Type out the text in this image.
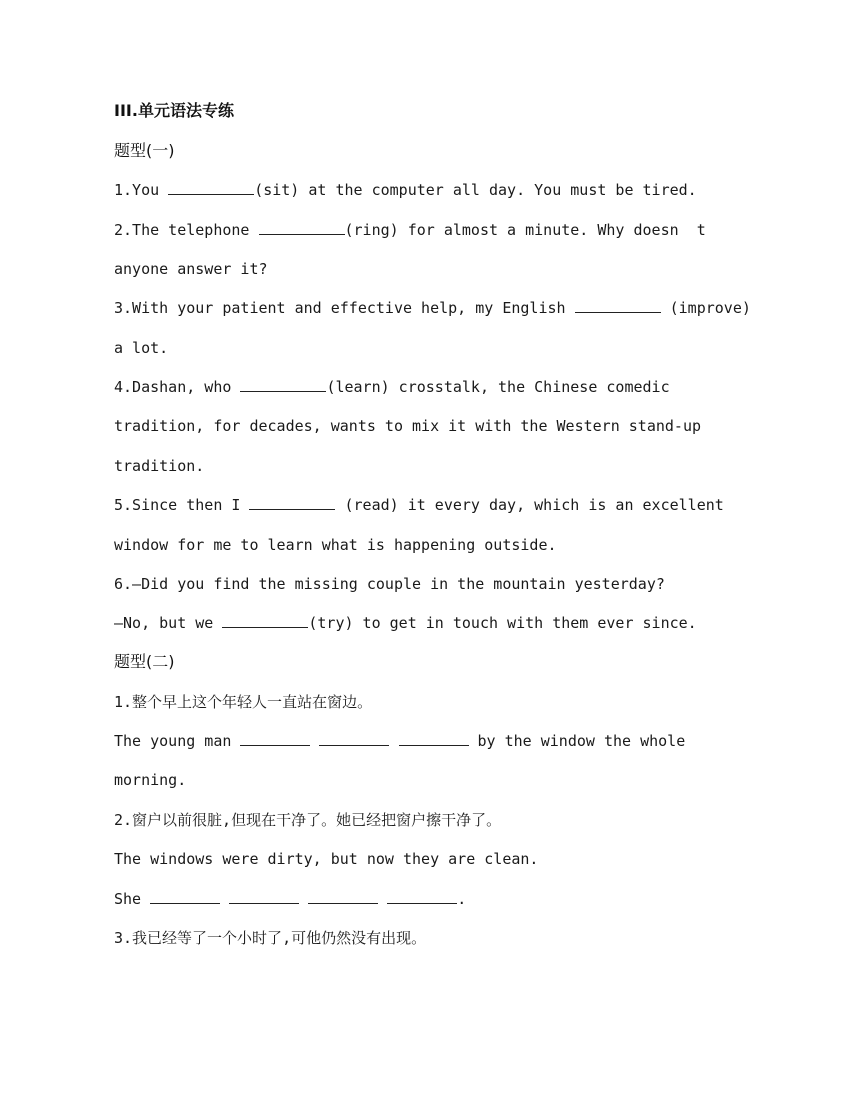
III.单元语法专练
题型(一)
1.You	(sit) at the computer all day. You must be tired.
2.The telephone	(ring) for almost a minute. Why doesn  t
anyone answer it?
3.With your patient and effective help, my English	(improve)
a lot.
4.Dashan, who	(learn) crosstalk, the Chinese comedic
tradition, for decades, wants to mix it with the Western stand-up
tradition.
5.Since then I	(read) it every day, which is an excellent
window for me to learn what is happening outside.
6.—Did you find the missing couple in the mountain yesterday?
—No, but we	(try) to get in touch with them ever since.
题型(二)
1.整个早上这个年轻人一直站在窗边。
The young man	by the window the whole
morning.
2.窗户以前很脏,但现在干净了。她已经把窗户擦干净了。
The windows were dirty, but now they are clean.
She	.
3.我已经等了一个小时了,可他仍然没有出现。
